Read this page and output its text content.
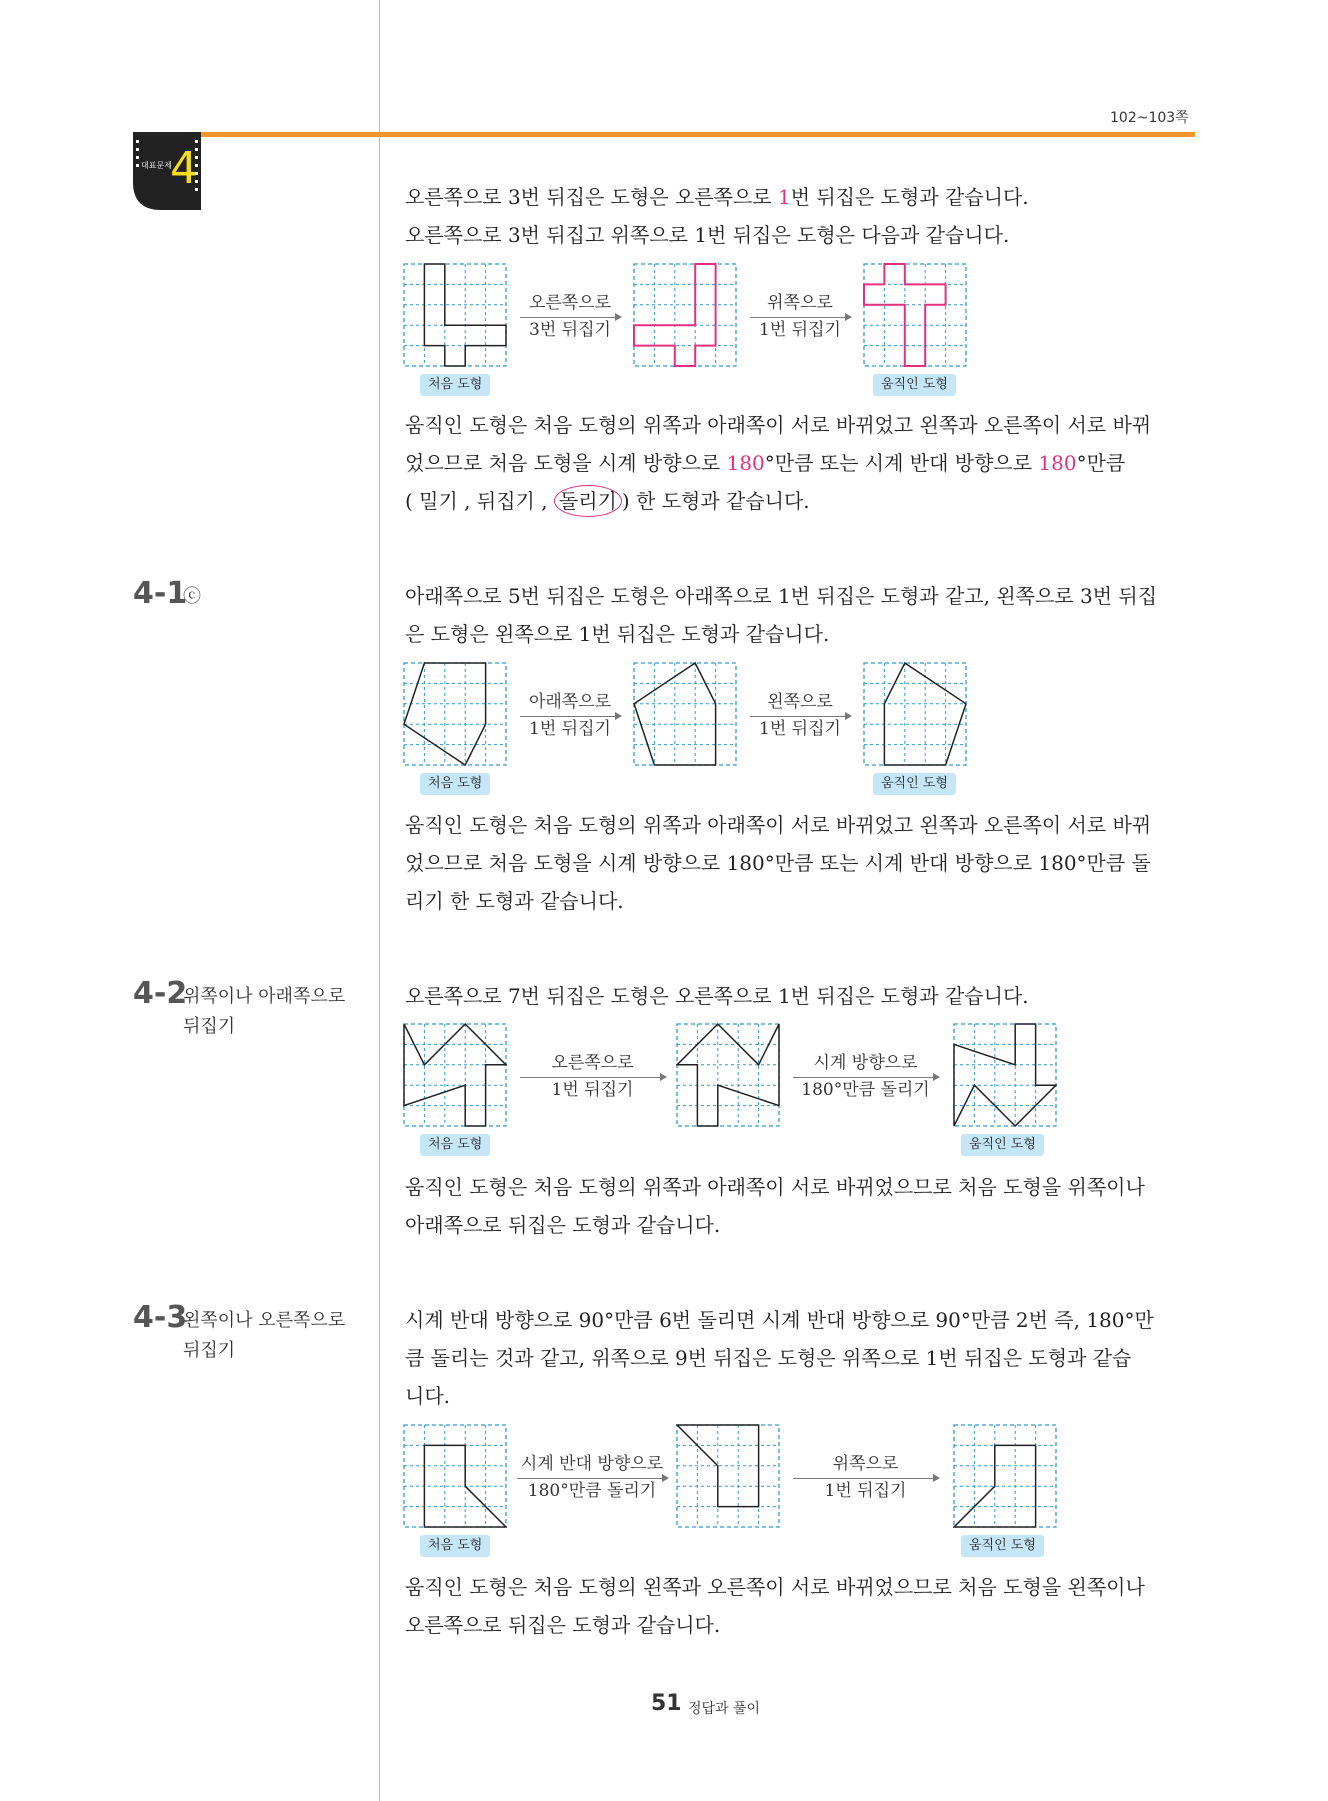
102~103쪽
대표문제
4
오른쪽으로 3번 뒤집은 도형은 오른쪽으로 1번 뒤집은 도형과 같습니다.
오른쪽으로 3번 뒤집고 위쪽으로 1번 뒤집은 도형은 다음과 같습니다.
오른쪽으로
3번 뒤집기
위쪽으로
1번 뒤집기
처음 도형	움직인 도형
움직인 도형은 처음 도형의 위쪽과 아래쪽이 서로 바뀌었고 왼쪽과 오른쪽이 서로 바뀌
었으므로 처음 도형을 시계 방향으로 180°만큼 또는 시계 반대 방향으로 180°만큼
( 밀기 , 뒤집기 , 돌리기 ) 한 도형과 같습니다.
4-1
ⓒ	아래쪽으로 5번 뒤집은 도형은 아래쪽으로 1번 뒤집은 도형과 같고, 왼쪽으로 3번 뒤집
은 도형은 왼쪽으로 1번 뒤집은 도형과 같습니다.
아래쪽으로
1번 뒤집기
왼쪽으로
1번 뒤집기
처음 도형	움직인 도형
움직인 도형은 처음 도형의 위쪽과 아래쪽이 서로 바뀌었고 왼쪽과 오른쪽이 서로 바뀌
었으므로 처음 도형을 시계 방향으로 180°만큼 또는 시계 반대 방향으로 180°만큼 돌
리기 한 도형과 같습니다.
4-2
위쪽이나 아래쪽으로
뒤집기
오른쪽으로 7번 뒤집은 도형은 오른쪽으로 1번 뒤집은 도형과 같습니다.
오른쪽으로
1번 뒤집기
시계 방향으로
180°만큼 돌리기
처음 도형	움직인 도형
움직인 도형은 처음 도형의 위쪽과 아래쪽이 서로 바뀌었으므로 처음 도형을 위쪽이나
아래쪽으로 뒤집은 도형과 같습니다.
4-3
왼쪽이나 오른쪽으로
뒤집기
시계 반대 방향으로 90°만큼 6번 돌리면 시계 반대 방향으로 90°만큼 2번 즉, 180°만
큼 돌리는 것과 같고, 위쪽으로 9번 뒤집은 도형은 위쪽으로 1번 뒤집은 도형과 같습
니다.
시계 반대 방향으로
180°만큼 돌리기
위쪽으로
1번 뒤집기
처음 도형	움직인 도형
움직인 도형은 처음 도형의 왼쪽과 오른쪽이 서로 바뀌었으므로 처음 도형을 왼쪽이나
오른쪽으로 뒤집은 도형과 같습니다.
51 정답과 풀이
